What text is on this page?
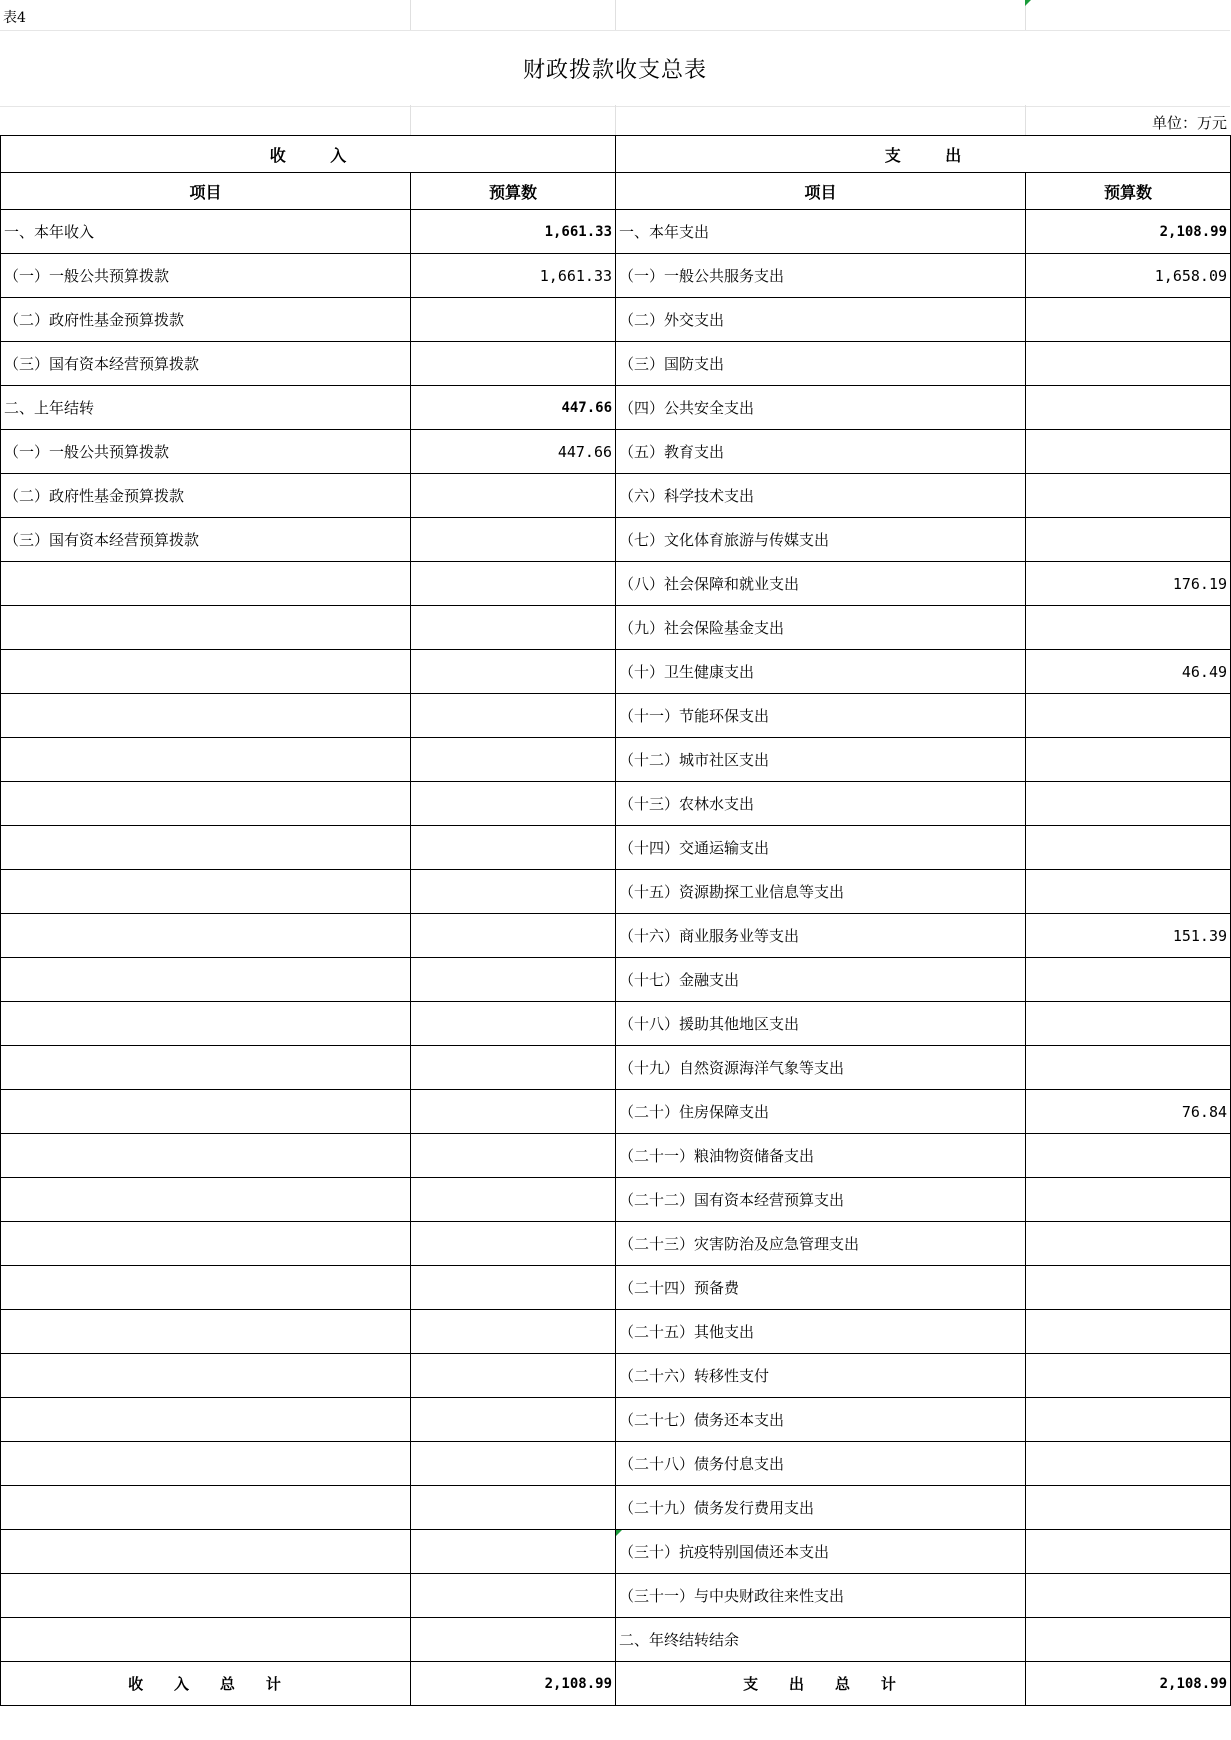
表4
财政拨款收支总表
单位：万元
收        入		支        出	
项目	预算数	项目	预算数
一、本年收入	1,661.33	一、本年支出	2,108.99
（一）一般公共预算拨款	1,661.33	（一）一般公共服务支出	1,658.09
（二）政府性基金预算拨款		（二）外交支出	
（三）国有资本经营预算拨款		（三）国防支出	
二、上年结转	447.66	（四）公共安全支出	
（一）一般公共预算拨款	447.66	（五）教育支出	
（二）政府性基金预算拨款		（六）科学技术支出	
（三）国有资本经营预算拨款		（七）文化体育旅游与传媒支出	
		（八）社会保障和就业支出	176.19
		（九）社会保险基金支出	
		（十）卫生健康支出	46.49
		（十一）节能环保支出	
		（十二）城市社区支出	
		（十三）农林水支出	
		（十四）交通运输支出	
		（十五）资源勘探工业信息等支出	
		（十六）商业服务业等支出	151.39
		（十七）金融支出	
		（十八）援助其他地区支出	
		（十九）自然资源海洋气象等支出	
		（二十）住房保障支出	76.84
		（二十一）粮油物资储备支出	
		（二十二）国有资本经营预算支出	
		（二十三）灾害防治及应急管理支出	
		（二十四）预备费	
		（二十五）其他支出	
		（二十六）转移性支付	
		（二十七）债务还本支出	
		（二十八）债务付息支出	
		（二十九）债务发行费用支出	
		（三十）抗疫特别国债还本支出	
		（三十一）与中央财政往来性支出	
		二、年终结转结余	
收    入    总    计	2,108.99	支    出    总    计	2,108.99
